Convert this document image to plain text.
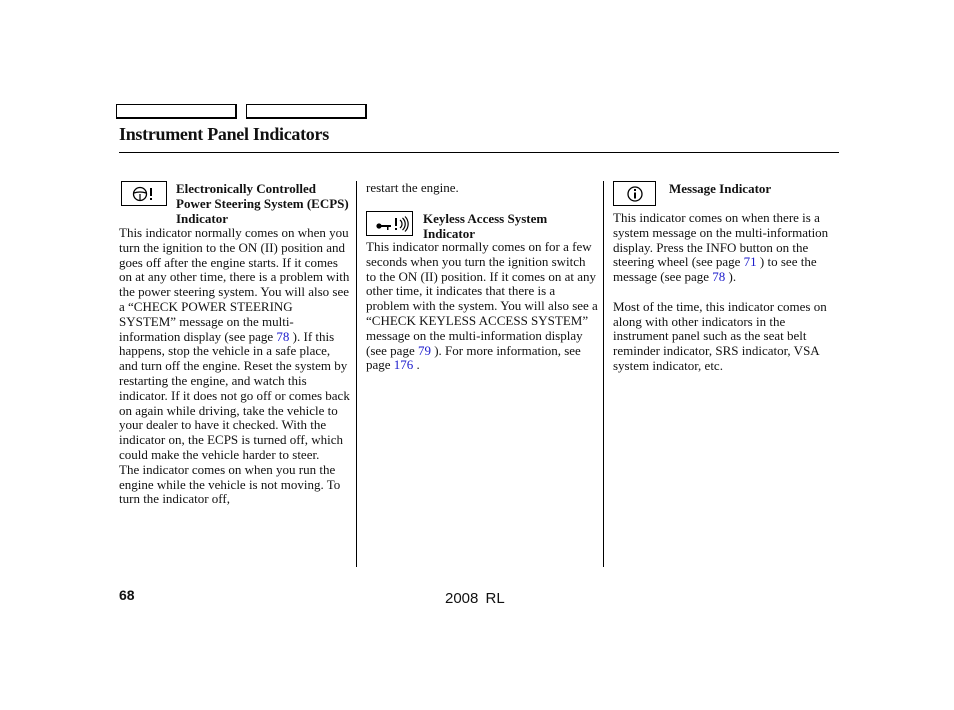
Instrument Panel Indicators
Electronically Controlled Power Steering System (ECPS) Indicator

This indicator normally comes on when you turn the ignition to the ON (II) position and goes off after the engine starts. If it comes on at any other time, there is a problem with the power steering system. You will also see a “CHECK POWER STEERING SYSTEM” message on the multi-information display (see page 78 ). If this happens, stop the vehicle in a safe place, and turn off the engine. Reset the system by restarting the engine, and watch this indicator. If it does not go off or comes back on again while driving, take the vehicle to your dealer to have it checked. With the indicator on, the ECPS is turned off, which could make the vehicle harder to steer.

The indicator comes on when you run the engine while the vehicle is not moving. To turn the indicator off,

restart the engine.
Keyless Access System Indicator

This indicator normally comes on for a few seconds when you turn the ignition switch to the ON (II) position. If it comes on at any other time, it indicates that there is a problem with the system. You will also see a “CHECK KEYLESS ACCESS SYSTEM” message on the multi-information display (see page 79 ). For more information, see page 176 .

Message Indicator

This indicator comes on when there is a system message on the multi-information display. Press the INFO button on the steering wheel (see page 71 ) to see the message (see page 78 ).

Most of the time, this indicator comes on along with other indicators in the instrument panel such as the seat belt reminder indicator, SRS indicator, VSA system indicator, etc.

68	2008 RL
